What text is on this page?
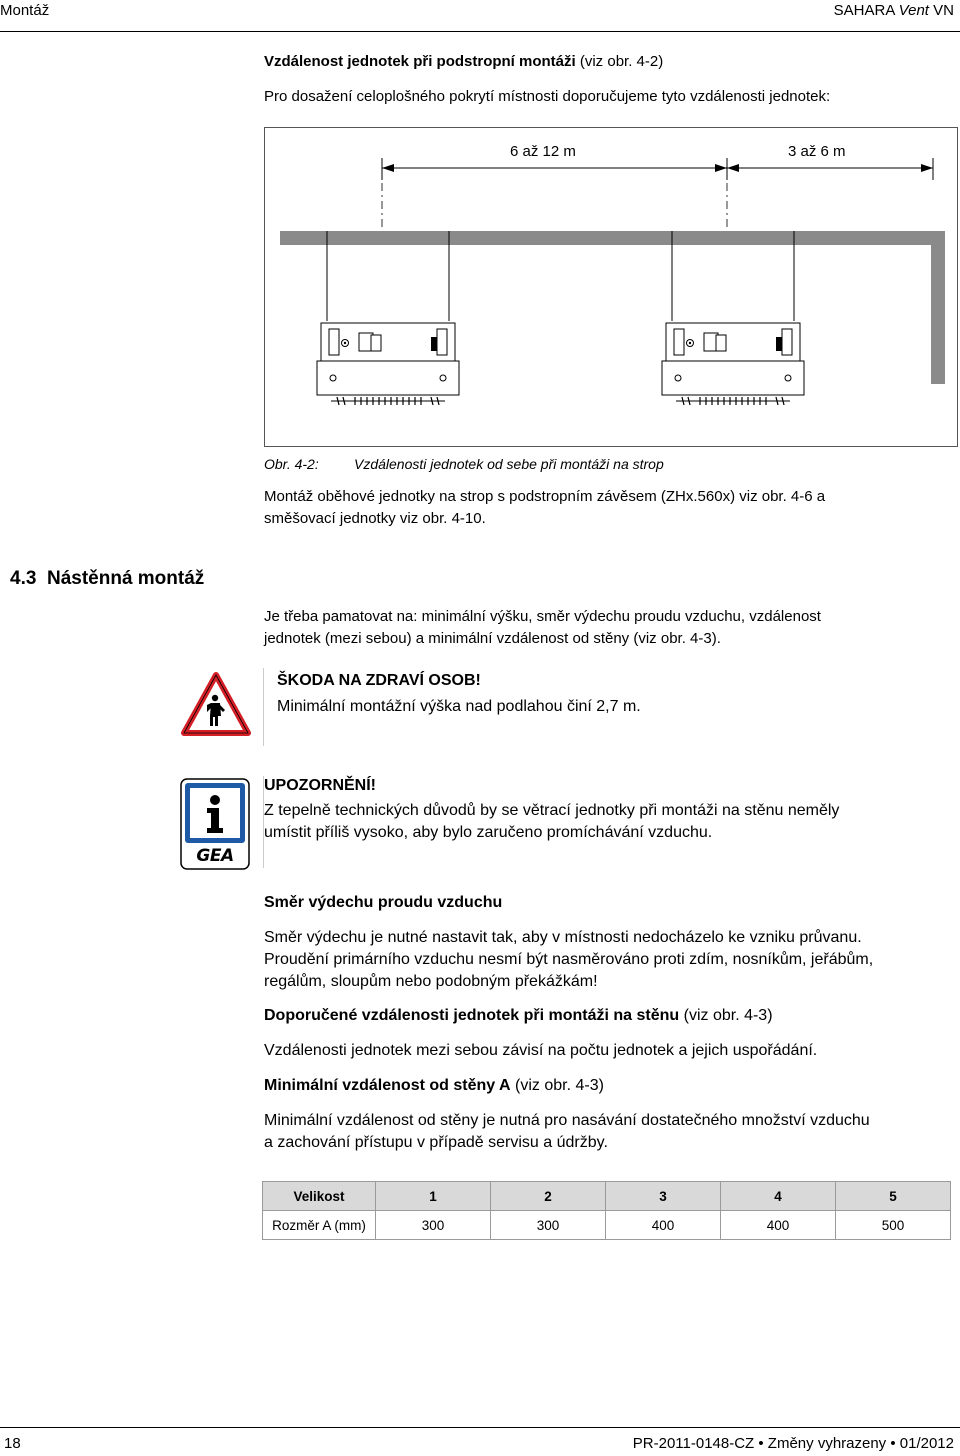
Montáž	SAHARA Vent VN
Vzdálenost jednotek při podstropní montáži (viz obr. 4-2)
Pro dosažení celoplošného pokrytí místnosti doporučujeme tyto vzdálenosti jednotek:
6 až 12 m	3 až 6 m
Obr. 4-2:	Vzdálenosti jednotek od sebe při montáži na strop
Montáž oběhové jednotky na strop s podstropním závěsem (ZHx.560x) viz obr. 4-6 a
směšovací jednotky viz obr. 4-10.
4.3 Nástěnná montáž
Je třeba pamatovat na: minimální výšku, směr výdechu proudu vzduchu, vzdálenost
jednotek (mezi sebou) a minimální vzdálenost od stěny (viz obr. 4-3).
ŠKODA NA ZDRAVÍ OSOB!
Minimální montážní výška nad podlahou činí 2,7 m.
GEA
UPOZORNĚNÍ!
Z tepelně technických důvodů by se větrací jednotky při montáži na stěnu neměly
umístit příliš vysoko, aby bylo zaručeno promíchávání vzduchu.
Směr výdechu proudu vzduchu
Směr výdechu je nutné nastavit tak, aby v místnosti nedocházelo ke vzniku průvanu.
Proudění primárního vzduchu nesmí být nasměrováno proti zdím, nosníkům, jeřábům,
regálům, sloupům nebo podobným překážkám!
Doporučené vzdálenosti jednotek při montáži na stěnu (viz obr. 4-3)
Vzdálenosti jednotek mezi sebou závisí na počtu jednotek a jejich uspořádání.
Minimální vzdálenost od stěny A (viz obr. 4-3)
Minimální vzdálenost od stěny je nutná pro nasávání dostatečného množství vzduchu
a zachování přístupu v případě servisu a údržby.
Velikost	1	2	3	4	5
Rozměr A (mm)	300	300	400	400	500
18	PR-2011-0148-CZ • Změny vyhrazeny • 01/2012
